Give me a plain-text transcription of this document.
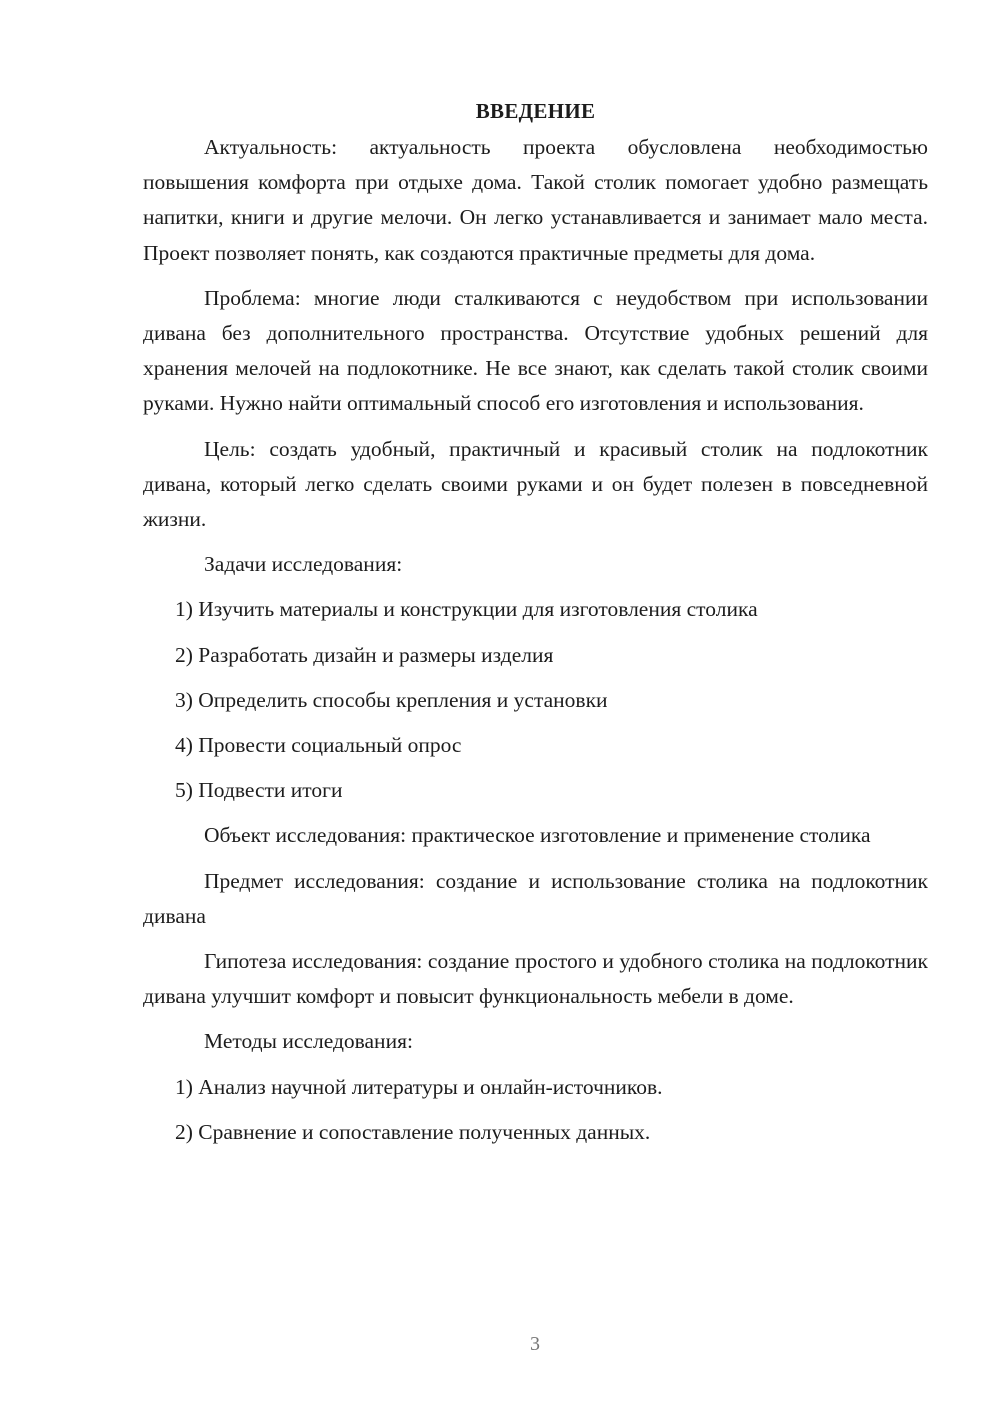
ВВЕДЕНИЕ

Актуальность: актуальность проекта обусловлена необходимостью повышения комфорта при отдыхе дома. Такой столик помогает удобно размещать напитки, книги и другие мелочи. Он легко устанавливается и занимает мало места. Проект позволяет понять, как создаются практичные предметы для дома.

Проблема: многие люди сталкиваются с неудобством при использовании дивана без дополнительного пространства. Отсутствие удобных решений для хранения мелочей на подлокотнике. Не все знают, как сделать такой столик своими руками. Нужно найти оптимальный способ его изготовления и использования.

Цель: создать удобный, практичный и красивый столик на подлокотник дивана, который легко сделать своими руками и он будет полезен в повседневной жизни.

Задачи исследования:

1) Изучить материалы и конструкции для изготовления столика
2) Разработать дизайн и размеры изделия
3) Определить способы крепления и установки
4) Провести социальный опрос
5) Подвести итоги

Объект исследования: практическое изготовление и применение столика

Предмет исследования: создание и использование столика на подлокотник дивана

Гипотеза исследования: создание простого и удобного столика на подлокотник дивана улучшит комфорт и повысит функциональность мебели в доме.

Методы исследования:

1) Анализ научной литературы и онлайн-источников.
2) Сравнение и сопоставление полученных данных.
3
